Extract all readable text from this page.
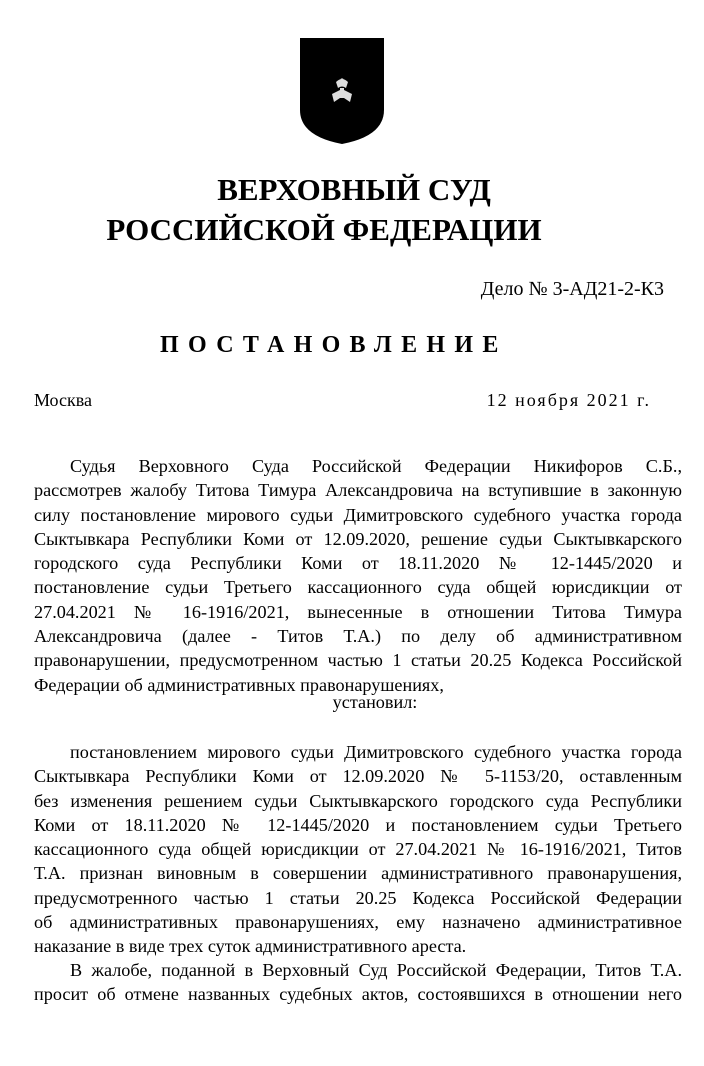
ВЕРХОВНЫЙ СУД
РОССИЙСКОЙ ФЕДЕРАЦИИ
Дело № 3-АД21-2-К3
ПОСТАНОВЛЕНИЕ
Москва	12 ноября 2021 г.
Судья Верховного Суда Российской Федерации Никифоров С.Б.,
рассмотрев жалобу Титова Тимура Александровича на вступившие в законную
силу постановление мирового судьи Димитровского судебного участка города
Сыктывкара Республики Коми от 12.09.2020, решение судьи Сыктывкарского
городского суда Республики Коми от 18.11.2020 № 12-1445/2020 и
постановление судьи Третьего кассационного суда общей юрисдикции от
27.04.2021 № 16-1916/2021, вынесенные в отношении Титова Тимура
Александровича (далее - Титов Т.А.) по делу об административном
правонарушении, предусмотренном частью 1 статьи 20.25 Кодекса Российской
Федерации об административных правонарушениях,
установил:
постановлением мирового судьи Димитровского судебного участка города
Сыктывкара Республики Коми от 12.09.2020 № 5-1153/20, оставленным
без изменения решением судьи Сыктывкарского городского суда Республики
Коми от 18.11.2020 № 12-1445/2020 и постановлением судьи Третьего
кассационного суда общей юрисдикции от 27.04.2021 № 16-1916/2021, Титов
Т.А. признан виновным в совершении административного правонарушения,
предусмотренного частью 1 статьи 20.25 Кодекса Российской Федерации
об административных правонарушениях, ему назначено административное
наказание в виде трех суток административного ареста.
В жалобе, поданной в Верховный Суд Российской Федерации, Титов Т.А.
просит об отмене названных судебных актов, состоявшихся в отношении него
